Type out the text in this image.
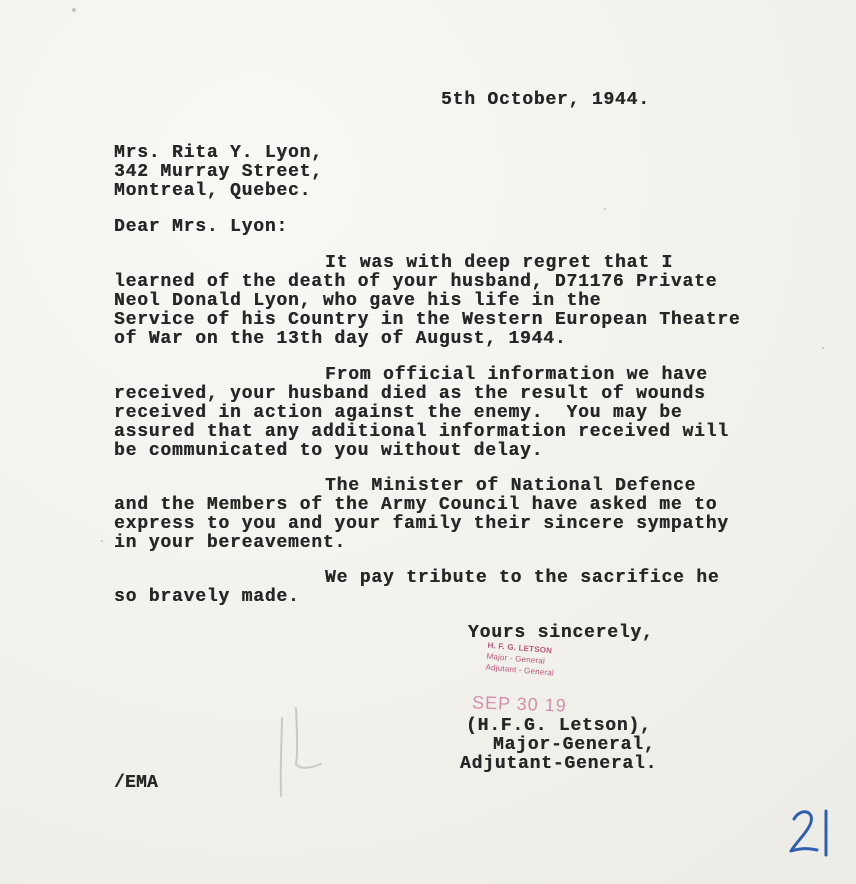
5th October, 1944.
Mrs. Rita Y. Lyon,
342 Murray Street,
Montreal, Quebec.
Dear Mrs. Lyon:
It was with deep regret that I
learned of the death of your husband, D71176 Private
Neol Donald Lyon, who gave his life in the
Service of his Country in the Western European Theatre
of War on the 13th day of August, 1944.
From official information we have
received, your husband died as the result of wounds
received in action against the enemy.  You may be
assured that any additional information received will
be communicated to you without delay.
The Minister of National Defence
and the Members of the Army Council have asked me to
express to you and your family their sincere sympathy
in your bereavement.
We pay tribute to the sacrifice he
so bravely made.
Yours sincerely,
H. F. G. LETSON
Major - General
Adjutant - General
SEP 30 19
(H.F.G. Letson),
Major-General,
Adjutant-General.
/EMA
